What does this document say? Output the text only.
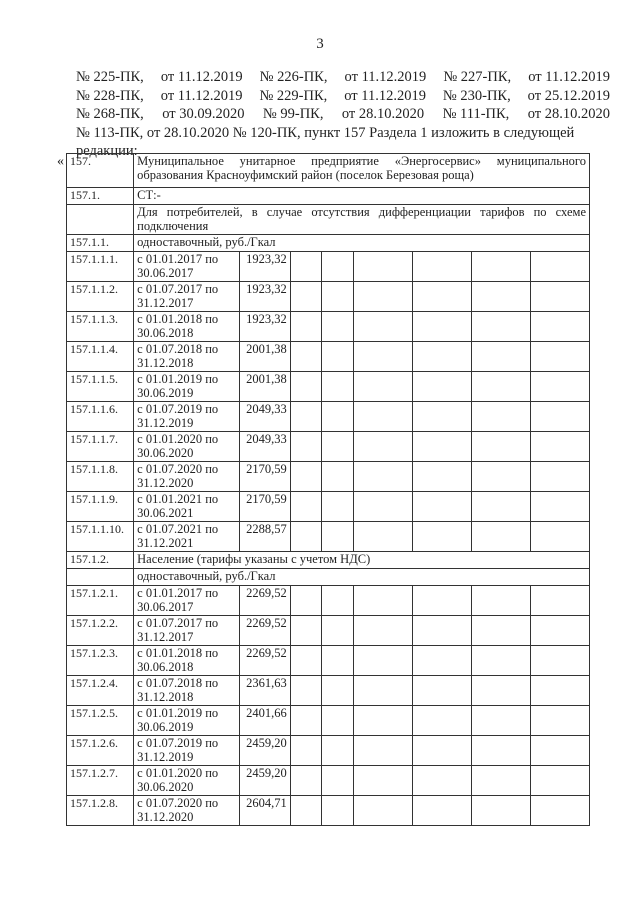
3
№ 225-ПК, от 11.12.2019 № 226-ПК, от 11.12.2019 № 227-ПК, от 11.12.2019
№ 228-ПК, от 11.12.2019 № 229-ПК, от 11.12.2019 № 230-ПК, от 25.12.2019
№ 268-ПК, от 30.09.2020 № 99-ПК, от 28.10.2020 № 111-ПК, от 28.10.2020
№ 113-ПК, от 28.10.2020 № 120-ПК, пункт 157 Раздела 1 изложить в следующей
редакции:
« 157.	Муниципальное унитарное предприятие «Энергосервис» муниципального образования Красноуфимский район (поселок Березовая роща)							
157.1.	СТ:-							
	Для потребителей, в случае отсутствия дифференциации тарифов по схеме подключения							
157.1.1.	одноставочный, руб./Гкал							
157.1.1.1.	с 01.01.2017 по 30.06.2017	1923,32						
157.1.1.2.	с 01.07.2017 по 31.12.2017	1923,32						
157.1.1.3.	с 01.01.2018 по 30.06.2018	1923,32						
157.1.1.4.	с 01.07.2018 по 31.12.2018	2001,38						
157.1.1.5.	с 01.01.2019 по 30.06.2019	2001,38						
157.1.1.6.	с 01.07.2019 по 31.12.2019	2049,33						
157.1.1.7.	с 01.01.2020 по 30.06.2020	2049,33						
157.1.1.8.	с 01.07.2020 по 31.12.2020	2170,59						
157.1.1.9.	с 01.01.2021 по 30.06.2021	2170,59						
157.1.1.10.	с 01.07.2021 по 31.12.2021	2288,57						
157.1.2.	Население (тарифы указаны с учетом НДС)							
	одноставочный, руб./Гкал							
157.1.2.1.	с 01.01.2017 по 30.06.2017	2269,52						
157.1.2.2.	с 01.07.2017 по 31.12.2017	2269,52						
157.1.2.3.	с 01.01.2018 по 30.06.2018	2269,52						
157.1.2.4.	с 01.07.2018 по 31.12.2018	2361,63						
157.1.2.5.	с 01.01.2019 по 30.06.2019	2401,66						
157.1.2.6.	с 01.07.2019 по 31.12.2019	2459,20						
157.1.2.7.	с 01.01.2020 по 30.06.2020	2459,20						
157.1.2.8.	с 01.07.2020 по 31.12.2020	2604,71						
